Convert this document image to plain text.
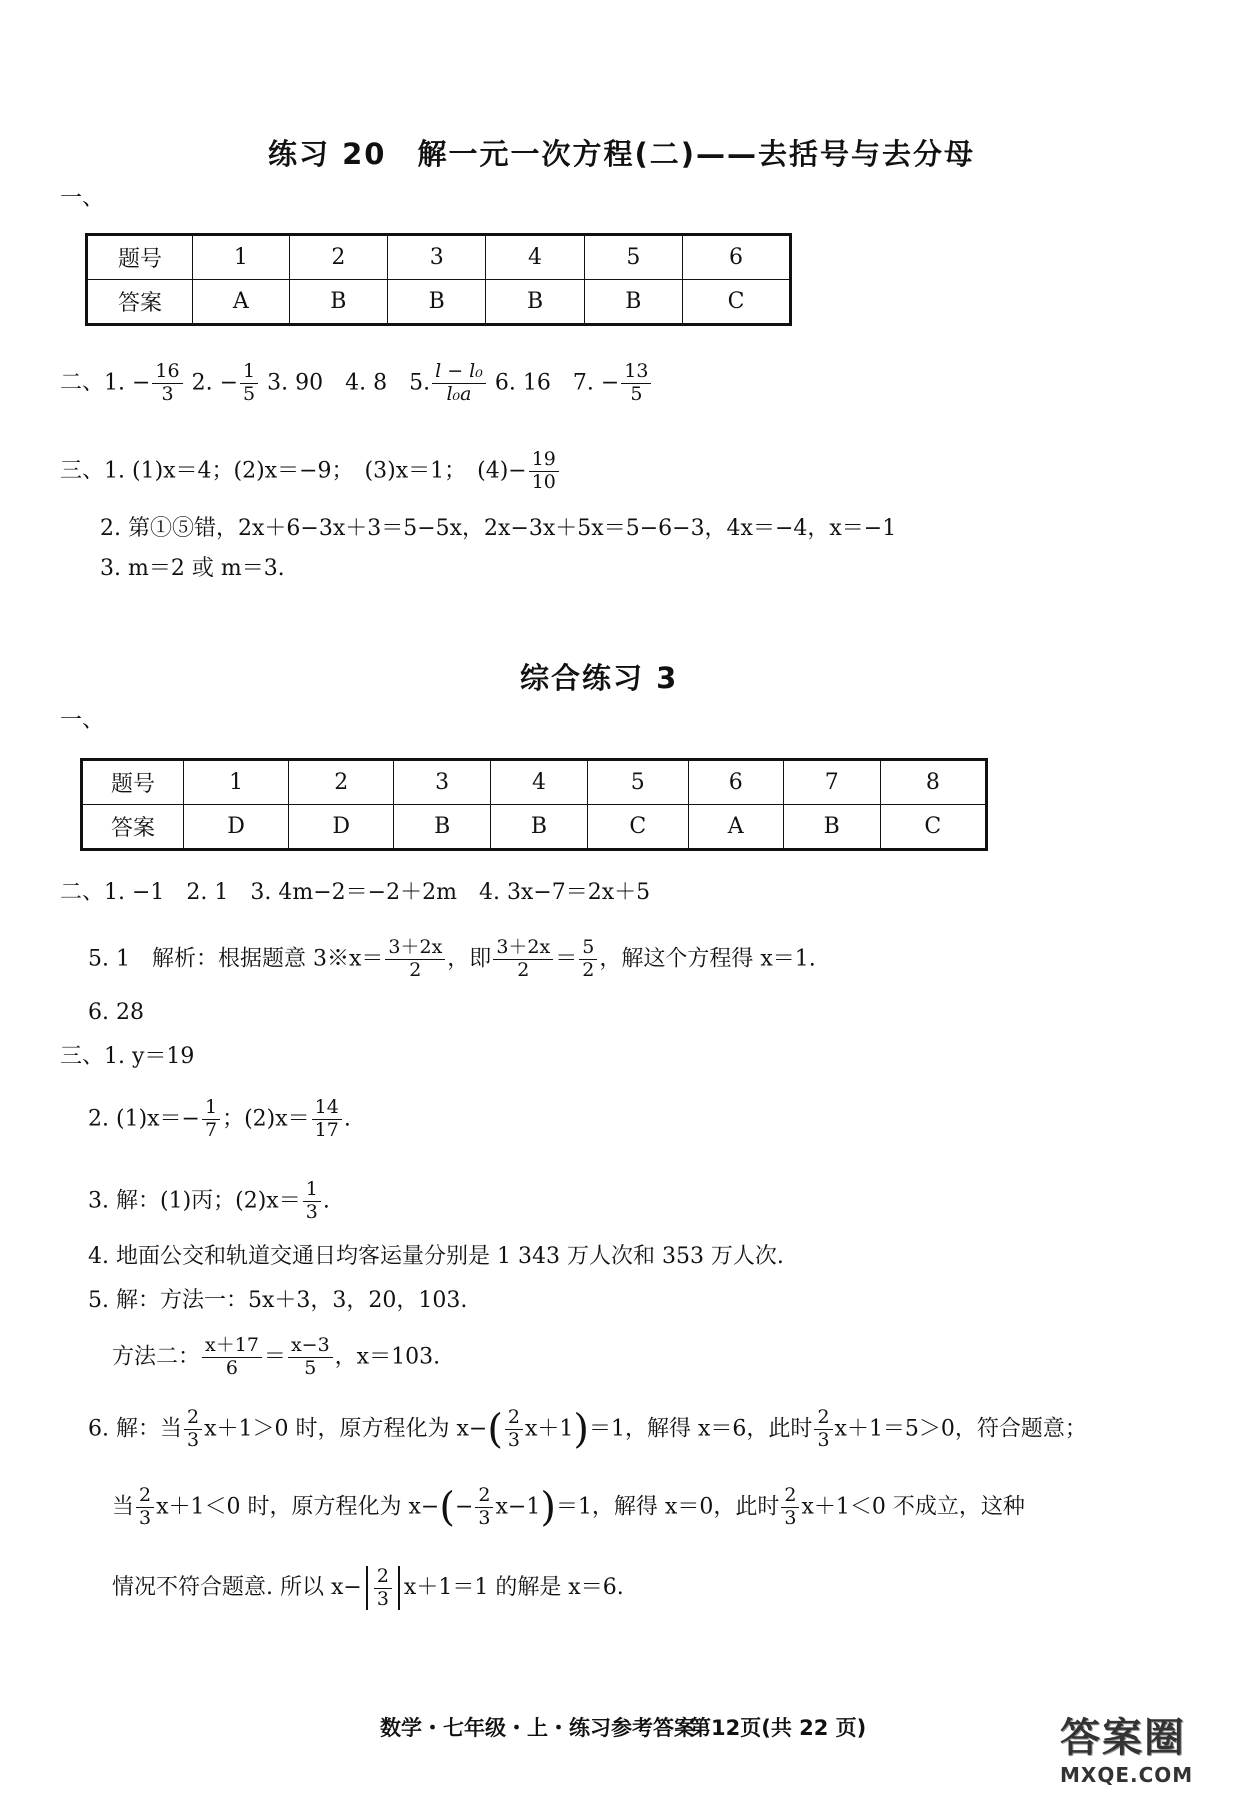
练习 20　解一元一次方程(二)——去括号与去分母
一、
题号	1	2	3	4	5	6
答案	A	B	B	B	B	C
二、1. − $\frac{16}{3} 2$. − $\frac{1}{5} 3$. 90　4. 8　5. $\frac{\text{l − l₀}}{\text{l₀a}} 6$. 16　7. − $\frac{13}{5}$
三、1. (1)x＝4；(2)x＝−9；　(3)x＝1；　$(4)- \frac{19}{10}$
2. 第①⑤错，2x＋6−3x＋3＝5−5x，2x−3x＋5x＝5−6−3，4x＝−4，x＝−1
3. m＝2 或 m＝3.
综合练习 3
一、
题号	1	2	3	4	5	6	7	8
答案	D	D	B	B	C	A	B	C
二、1. −1　2. 1　3. 4m−2＝−2＋2m　4. 3x−7＝2x＋5
5. 1　解析：根据题意 3※x＝ $\frac{3+2x}{2}$ ，即 $\frac{3+2x}{2} = \frac{5}{2}$ ，解这个方程得 x＝1.
6. 28
三、1. y＝19
2. $(1)x=- \frac{1}{7}$ ；$(2)x= \frac{14}{17}$ .
3. 解：(1)丙；$(2)x= \frac{1}{3}$ .
4. 地面公交和轨道交通日均客运量分别是 1 343 万人次和 353 万人次.
5. 解：方法一：5x＋3，3，20，103.
方法二： $\frac{x+17}{6} = \frac{x-3}{5}$ ，x＝103.
6. 解：当 $\frac{2}{3} x+1>0$ 时，原方程化为 $x-( \frac{2}{3} x+1)=1$，解得 x＝6，此时 $\frac{2}{3} x+1=5>0$，符合题意；
当 $\frac{2}{3} x+1<0$ 时，原方程化为 $x-(- \frac{2}{3} x-1)=1$，解得 x＝0，此时 $\frac{2}{3} x+1<0$ 不成立，这种
情况不符合题意. 所以 $x- \frac{2}{3} x+1=1$ 的解是 x＝6.
数学・七年级・上・练习参考答案
第12页(共 22 页)	答案圈
MXQE.COM
